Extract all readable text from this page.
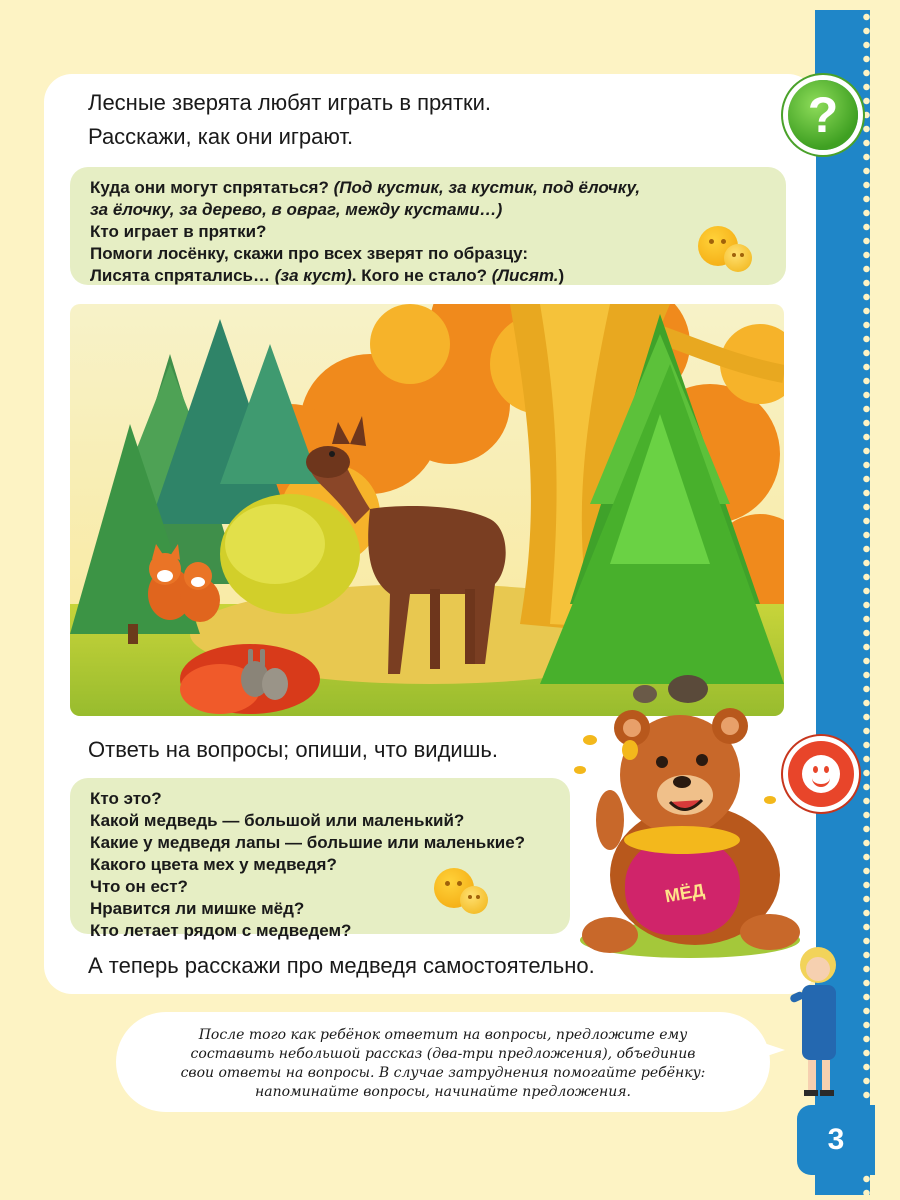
Лесные зверята любят играть в прятки.
Расскажи, как они играют.	?

Куда они могут спрятаться? (Под кустик, за кустик, под ёлочку,

за ёлочку, за дерево, в овраг, между кустами…)

Кто играет в прятки?

Помоги лосёнку, скажи про всех зверят по образцу:

Лисята спрятались… (за куст). Кого не стало? (Лисят.)

Ответь на вопросы; опиши, что видишь.

Кто это?

Какой медведь — большой или маленький?

Какие у медведя лапы — большие или маленькие?

Какого цвета мех у медведя?

Что он ест?

Нравится ли мишке мёд?

Кто летает рядом с медведем?

МЁД
А теперь расскажи про медведя самостоятельно.

После того как ребёнок ответит на вопросы, предложите ему

составить небольшой рассказ (два-три предложения), объединив

свои ответы на вопросы. В случае затруднения помогайте ребёнку:

напоминайте вопросы, начинайте предложения.

3
